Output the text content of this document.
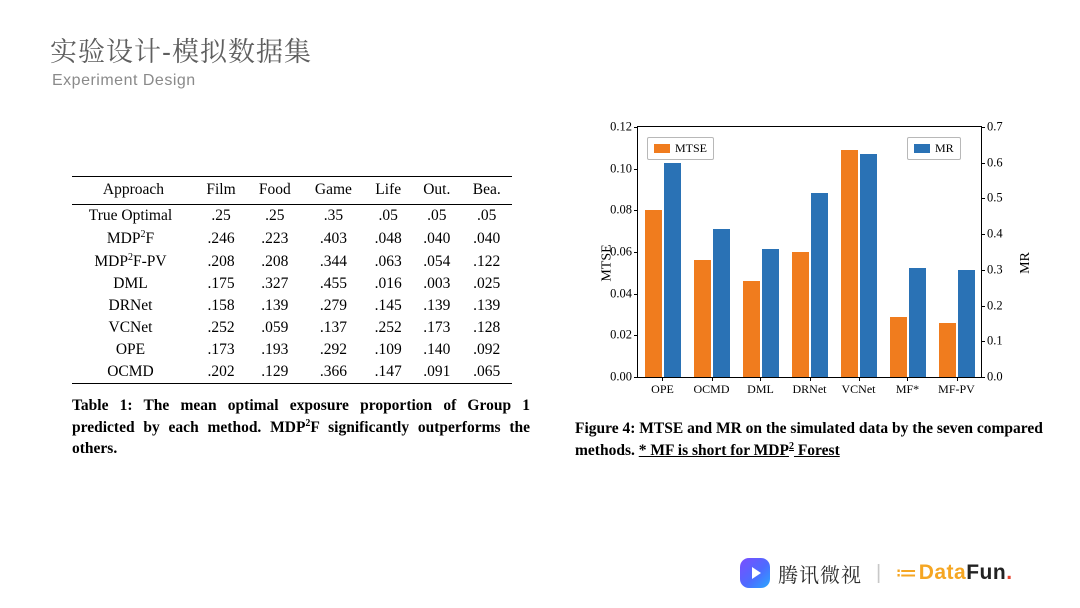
实验设计-模拟数据集
Experiment Design
Approach	Film	Food	Game	Life	Out.	Bea.
True Optimal	.25	.25	.35	.05	.05	.05
MDP$^2$F	.246	.223	.403	.048	.040	.040
MDP$^2$F-PV	.208	.208	.344	.063	.054	.122
DML	.175	.327	.455	.016	.003	.025
DRNet	.158	.139	.279	.145	.139	.139
VCNet	.252	.059	.137	.252	.173	.128
OPE	.173	.193	.292	.109	.140	.092
OCMD	.202	.129	.366	.147	.091	.065
Table 1: The mean optimal exposure proportion of Group 1 predicted by each method. MDP$^2$F significantly outperforms the others.
MTSE	MR
0.00
0.02
0.04
0.06
0.08
0.10
0.12
0.0
0.1
0.2
0.3
0.4
0.5
0.6
0.7
OPE OCMD DML DRNet VCNet MF* MF-PV
MTSE	MR
Figure 4: MTSE and MR on the simulated data by the seven compared methods. * MF is short for MDP$^2$ Forest
腾讯微视 | ≔ Data Fun .
